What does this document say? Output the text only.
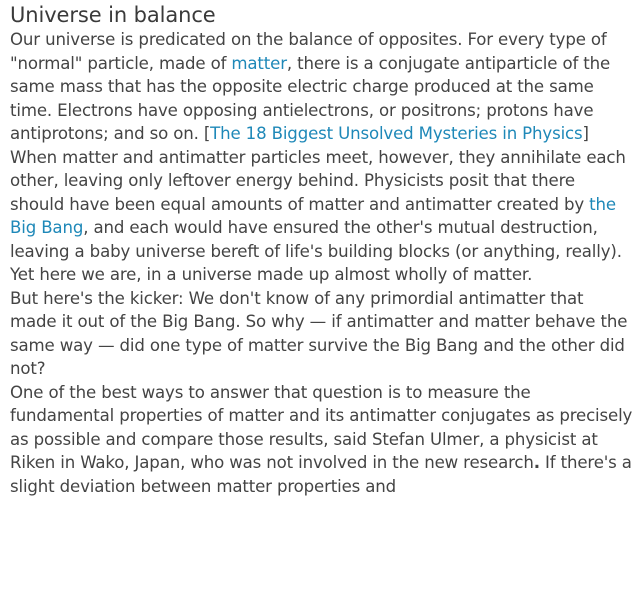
Universe in balance

Our universe is predicated on the balance of opposites. For every type of "normal" particle, made of matter, there is a conjugate antiparticle of the same mass that has the opposite electric charge produced at the same time. Electrons have opposing antielectrons, or positrons; protons have antiprotons; and so on. [The 18 Biggest Unsolved Mysteries in Physics]

When matter and antimatter particles meet, however, they annihilate each other, leaving only leftover energy behind. Physicists posit that there should have been equal amounts of matter and antimatter created by the Big Bang, and each would have ensured the other's mutual destruction, leaving a baby universe bereft of life's building blocks (or anything, really). Yet here we are, in a universe made up almost wholly of matter.

But here's the kicker: We don't know of any primordial antimatter that made it out of the Big Bang. So why — if antimatter and matter behave the same way — did one type of matter survive the Big Bang and the other did not?

One of the best ways to answer that question is to measure the fundamental properties of matter and its antimatter conjugates as precisely as possible and compare those results, said Stefan Ulmer, a physicist at Riken in Wako, Japan, who was not involved in the new research. If there's a slight deviation between matter properties and
